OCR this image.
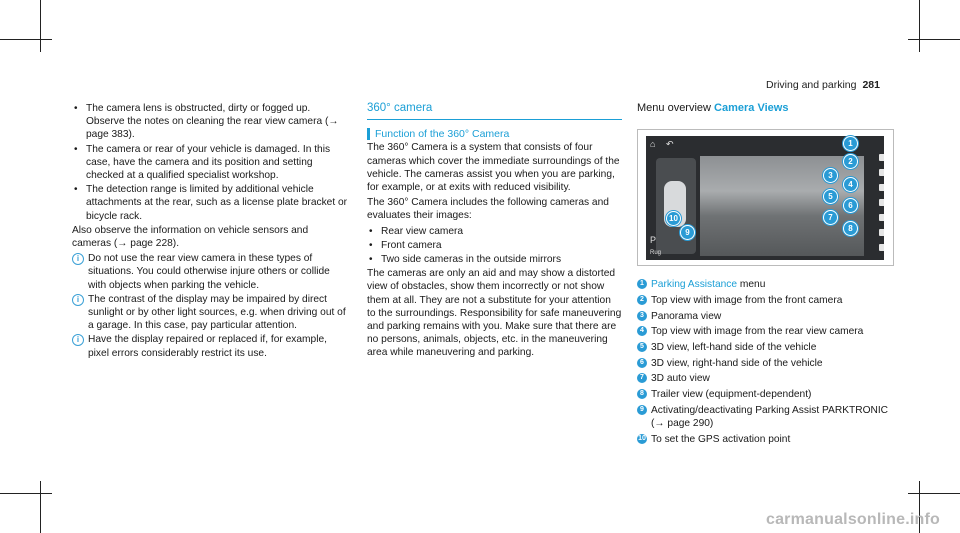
Driving and parking 281
• The camera lens is obstructed, dirty or fogged up. Observe the notes on cleaning the rear view camera (→ page 383).
• The camera or rear of your vehicle is damaged. In this case, have the camera and its position and setting checked at a qualified specialist workshop.
• The detection range is limited by additional vehicle attachments at the rear, such as a license plate bracket or bicycle rack.

Also observe the information on vehicle sensors and cameras (→ page 228).

i Do not use the rear view camera in these types of situations. You could otherwise injure others or collide with objects when parking the vehicle.
i The contrast of the display may be impaired by direct sunlight or by other light sources, e.g. when driving out of a garage. In this case, pay particular attention.
i Have the display repaired or replaced if, for example, pixel errors considerably restrict its use.
360° camera
Function of the 360° Camera

The 360° Camera is a system that consists of four cameras which cover the immediate surroundings of the vehicle. The cameras assist you when you are parking, for example, or at exits with reduced visibility.

The 360° Camera includes the following cameras and evaluates their images:

• Rear view camera
• Front camera
• Two side cameras in the outside mirrors

The cameras are only an aid and may show a distorted view of obstacles, show them incorrectly or not show them at all. They are not a substitute for your attention to the surroundings. Responsibility for safe maneuvering and parking remains with you. Make sure that there are no persons, animals, objects, etc. in the maneuvering area while maneuvering and parking.

Menu overview Camera Views
⌂ ↶
P
Rug
1
2
3
4
5
6
7
8
9
10
1 Parking Assistance menu
2 Top view with image from the front camera
3 Panorama view
4 Top view with image from the rear view camera
5 3D view, left-hand side of the vehicle
6 3D view, right-hand side of the vehicle
7 3D auto view
8 Trailer view (equipment-dependent)
9 Activating/deactivating Parking Assist PARKTRONIC (→ page 290)
10 To set the GPS activation point
carmanualsonline.info
